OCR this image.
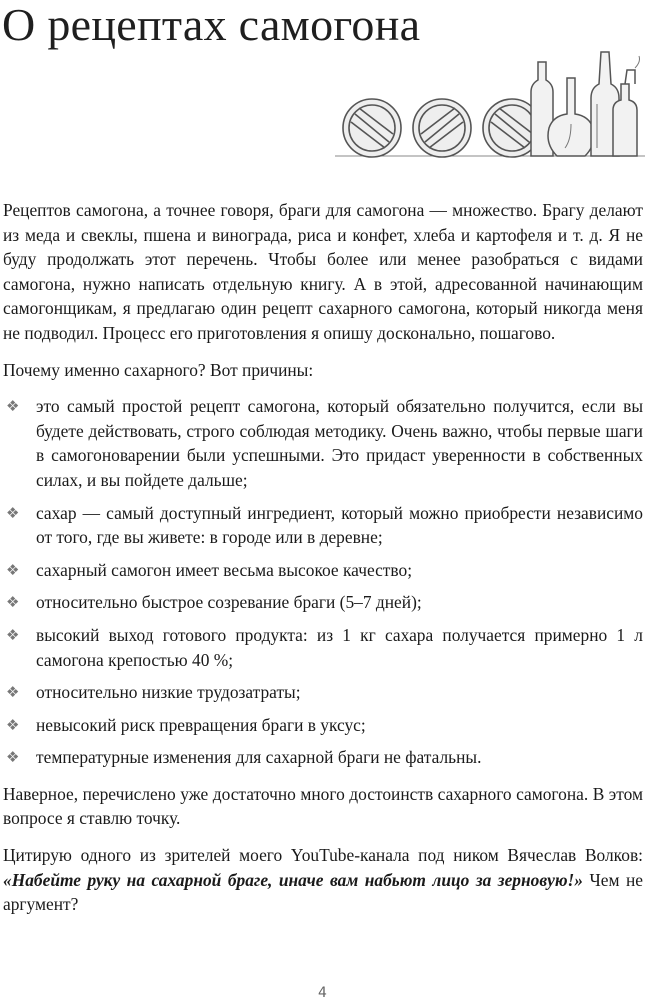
О рецептах самогона

Рецептов самогона, а точнее говоря, браги для самогона — множество. Брагу делают из меда и свеклы, пшена и винограда, риса и конфет, хлеба и картофеля и т. д. Я не буду продолжать этот перечень. Чтобы более или менее разобраться с видами самогона, нужно написать отдельную книгу. А в этой, адресованной начинающим самогонщикам, я предлагаю один рецепт сахарного самогона, который никогда меня не подводил. Процесс его приготовления я опишу досконально, пошагово.

Почему именно сахарного? Вот причины:

❖ это самый простой рецепт самогона, который обязательно получится, если вы будете действовать, строго соблюдая методику. Очень важно, чтобы первые шаги в самогоноварении были успешными. Это придаст уверенности в собственных силах, и вы пойдете дальше;
❖ сахар — самый доступный ингредиент, который можно приобрести независимо от того, где вы живете: в городе или в деревне;
❖ сахарный самогон имеет весьма высокое качество;
❖ относительно быстрое созревание браги (5–7 дней);
❖ высокий выход готового продукта: из 1 кг сахара получается примерно 1 л самогона крепостью 40 %;
❖ относительно низкие трудозатраты;
❖ невысокий риск превращения браги в уксус;
❖ температурные изменения для сахарной браги не фатальны.

Наверное, перечислено уже достаточно много достоинств сахарного самогона. В этом вопросе я ставлю точку.

Цитирую одного из зрителей моего YouTube-канала под ником Вячеслав Волков: «Набейте руку на сахарной браге, иначе вам набьют лицо за зерновую!» Чем не аргумент?

4
